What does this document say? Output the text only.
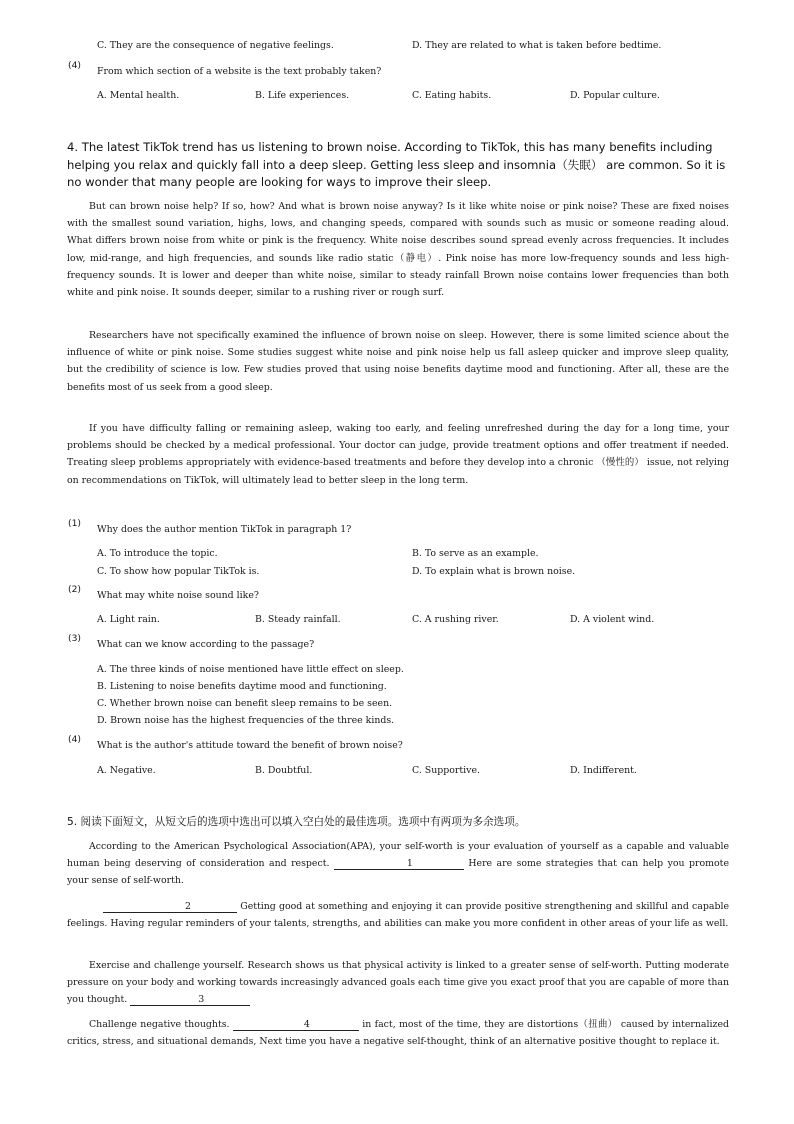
C. They are the consequence of negative feelings.	D. They are related to what is taken before bedtime.
(4)
From which section of a website is the text probably taken?
A. Mental health.	B. Life experiences.	C. Eating habits.	D. Popular culture.
4. The latest TikTok trend has us listening to brown noise. According to TikTok, this has many benefits including helping you relax and quickly fall into a deep sleep. Getting less sleep and insomnia（失眠） are common. So it is no wonder that many people are looking for ways to improve their sleep.

But can brown noise help? If so, how? And what is brown noise anyway? Is it like white noise or pink noise? These are fixed noises with the smallest sound variation, highs, lows, and changing speeds, compared with sounds such as music or someone reading aloud. What differs brown noise from white or pink is the frequency. White noise describes sound spread evenly across frequencies. It includes low, mid-range, and high frequencies, and sounds like radio static（静电）. Pink noise has more low-frequency sounds and less high-frequency sounds. It is lower and deeper than white noise, similar to steady rainfall Brown noise contains lower frequencies than both white and pink noise. It sounds deeper, similar to a rushing river or rough surf.

Researchers have not specifically examined the influence of brown noise on sleep. However, there is some limited science about the influence of white or pink noise. Some studies suggest white noise and pink noise help us fall asleep quicker and improve sleep quality, but the credibility of science is low. Few studies proved that using noise benefits daytime mood and functioning. After all, these are the benefits most of us seek from a good sleep.

If you have difficulty falling or remaining asleep, waking too early, and feeling unrefreshed during the day for a long time, your problems should be checked by a medical professional. Your doctor can judge, provide treatment options and offer treatment if needed. Treating sleep problems appropriately with evidence-based treatments and before they develop into a chronic （慢性的） issue, not relying on recommendations on TikTok, will ultimately lead to better sleep in the long term.

(1)
Why does the author mention TikTok in paragraph 1?
A. To introduce the topic.	B. To serve as an example.
C. To show how popular TikTok is.	D. To explain what is brown noise.
(2)
What may white noise sound like?
A. Light rain.	B. Steady rainfall.	C. A rushing river.	D. A violent wind.
(3)
What can we know according to the passage?
A. The three kinds of noise mentioned have little effect on sleep.
B. Listening to noise benefits daytime mood and functioning.
C. Whether brown noise can benefit sleep remains to be seen.
D. Brown noise has the highest frequencies of the three kinds.
(4)
What is the author's attitude toward the benefit of brown noise?
A. Negative.	B. Doubtful.	C. Supportive.	D. Indifferent.
5. 阅读下面短文，从短文后的选项中选出可以填入空白处的最佳选项。选项中有两项为多余选项。

According to the American Psychological Association(APA), your self-worth is your evaluation of yourself as a capable and valuable human being deserving of consideration and respect.	1	Here are some strategies that can help you promote your sense of self-worth.

2	Getting good at something and enjoying it can provide positive strengthening and skillful and capable feelings. Having regular reminders of your talents, strengths, and abilities can make you more confident in other areas of your life as well.

Exercise and challenge yourself. Research shows us that physical activity is linked to a greater sense of self-worth. Putting moderate pressure on your body and working towards increasingly advanced goals each time give you exact proof that you are capable of more than you thought.	3

Challenge negative thoughts.	4	in fact, most of the time, they are distortions（扭曲） caused by internalized critics, stress, and situational demands, Next time you have a negative self-thought, think of an alternative positive thought to replace it.
